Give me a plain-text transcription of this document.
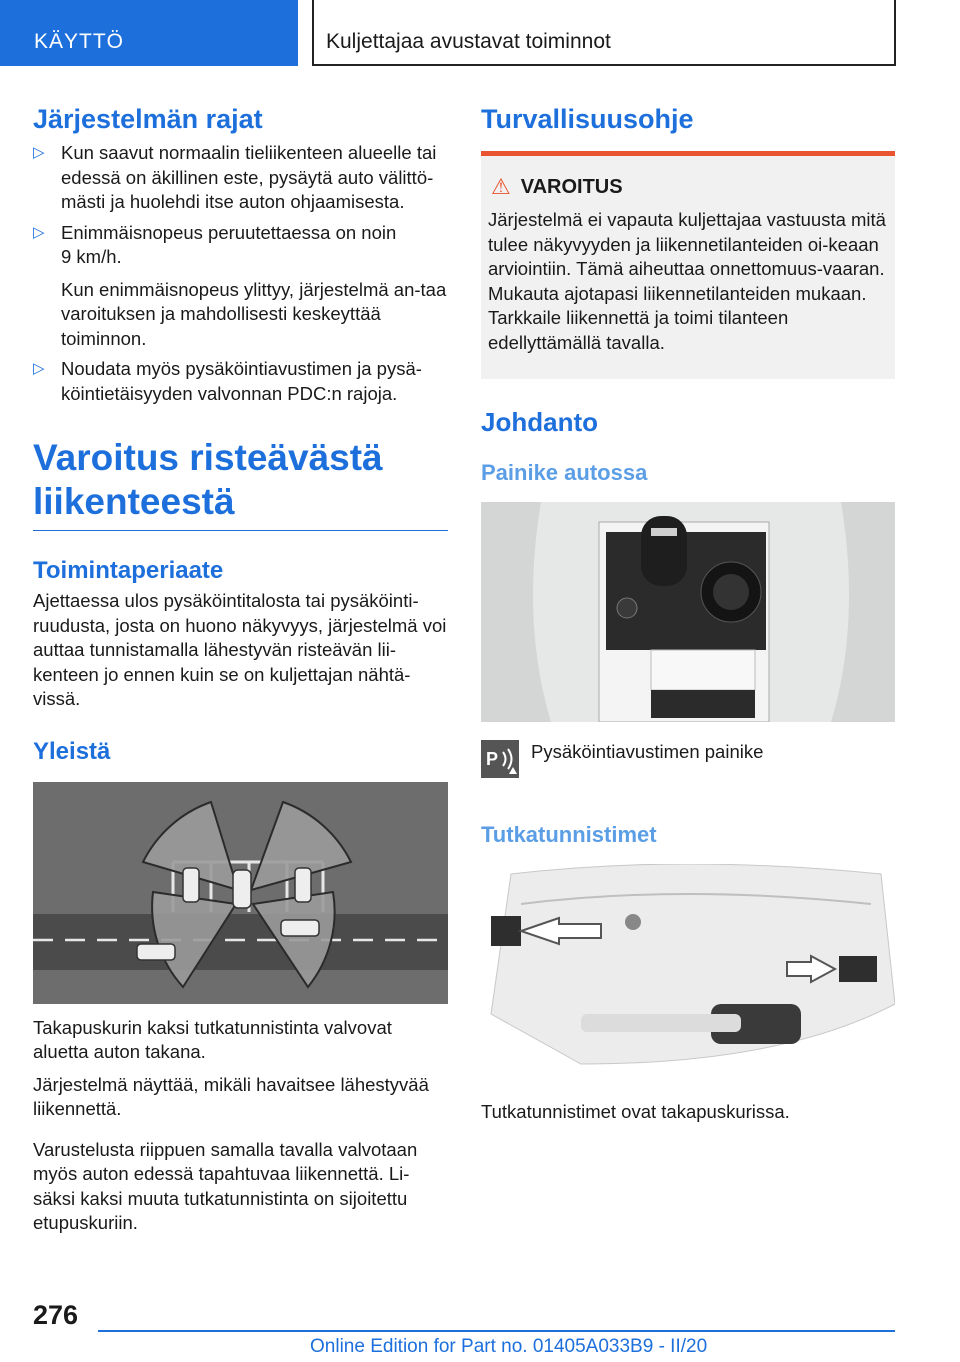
KÄYTTÖ	Kuljettajaa avustavat toiminnot
Järjestelmän rajat
▷ Kun saavut normaalin tieliikenteen alueelle tai edessä on äkillinen este, pysäytä auto välittö-mästi ja huolehdi itse auton ohjaamisesta.
▷ Enimmäisnopeus peruutettaessa on noin
9 km/h.
Kun enimmäisnopeus ylittyy, järjestelmä an-taa varoituksen ja mahdollisesti keskeyttää toiminnon.
▷ Noudata myös pysäköintiavustimen ja pysä-köintietäisyyden valvonnan PDC:n rajoja.
Varoitus risteävästä
liikenteestä
Toimintaperiaate

Ajettaessa ulos pysäköintitalosta tai pysäköinti-ruudusta, josta on huono näkyvyys, järjestelmä voi auttaa tunnistamalla lähestyvän risteävän lii-kenteen jo ennen kuin se on kuljettajan nähtä-vissä.

Yleistä

Takapuskurin kaksi tutkatunnistinta valvovat aluetta auton takana.

Järjestelmä näyttää, mikäli havaitsee lähestyvää liikennettä.

Varustelusta riippuen samalla tavalla valvotaan myös auton edessä tapahtuvaa liikennettä. Li-säksi kaksi muuta tutkatunnistinta on sijoitettu etupuskuriin.

Turvallisuusohje
⚠ VAROITUS

Järjestelmä ei vapauta kuljettajaa vastuusta mitä tulee näkyvyyden ja liikennetilanteiden oi-keaan arviointiin. Tämä aiheuttaa onnettomuus-vaaran. Mukauta ajotapasi liikennetilanteiden mukaan. Tarkkaile liikennettä ja toimi tilanteen edellyttämällä tavalla.

Johdanto
Painike autossa
P Pysäköintiavustimen painike

Tutkatunnistimet

Tutkatunnistimet ovat takapuskurissa.

276
Online Edition for Part no. 01405A033B9 - II/20
